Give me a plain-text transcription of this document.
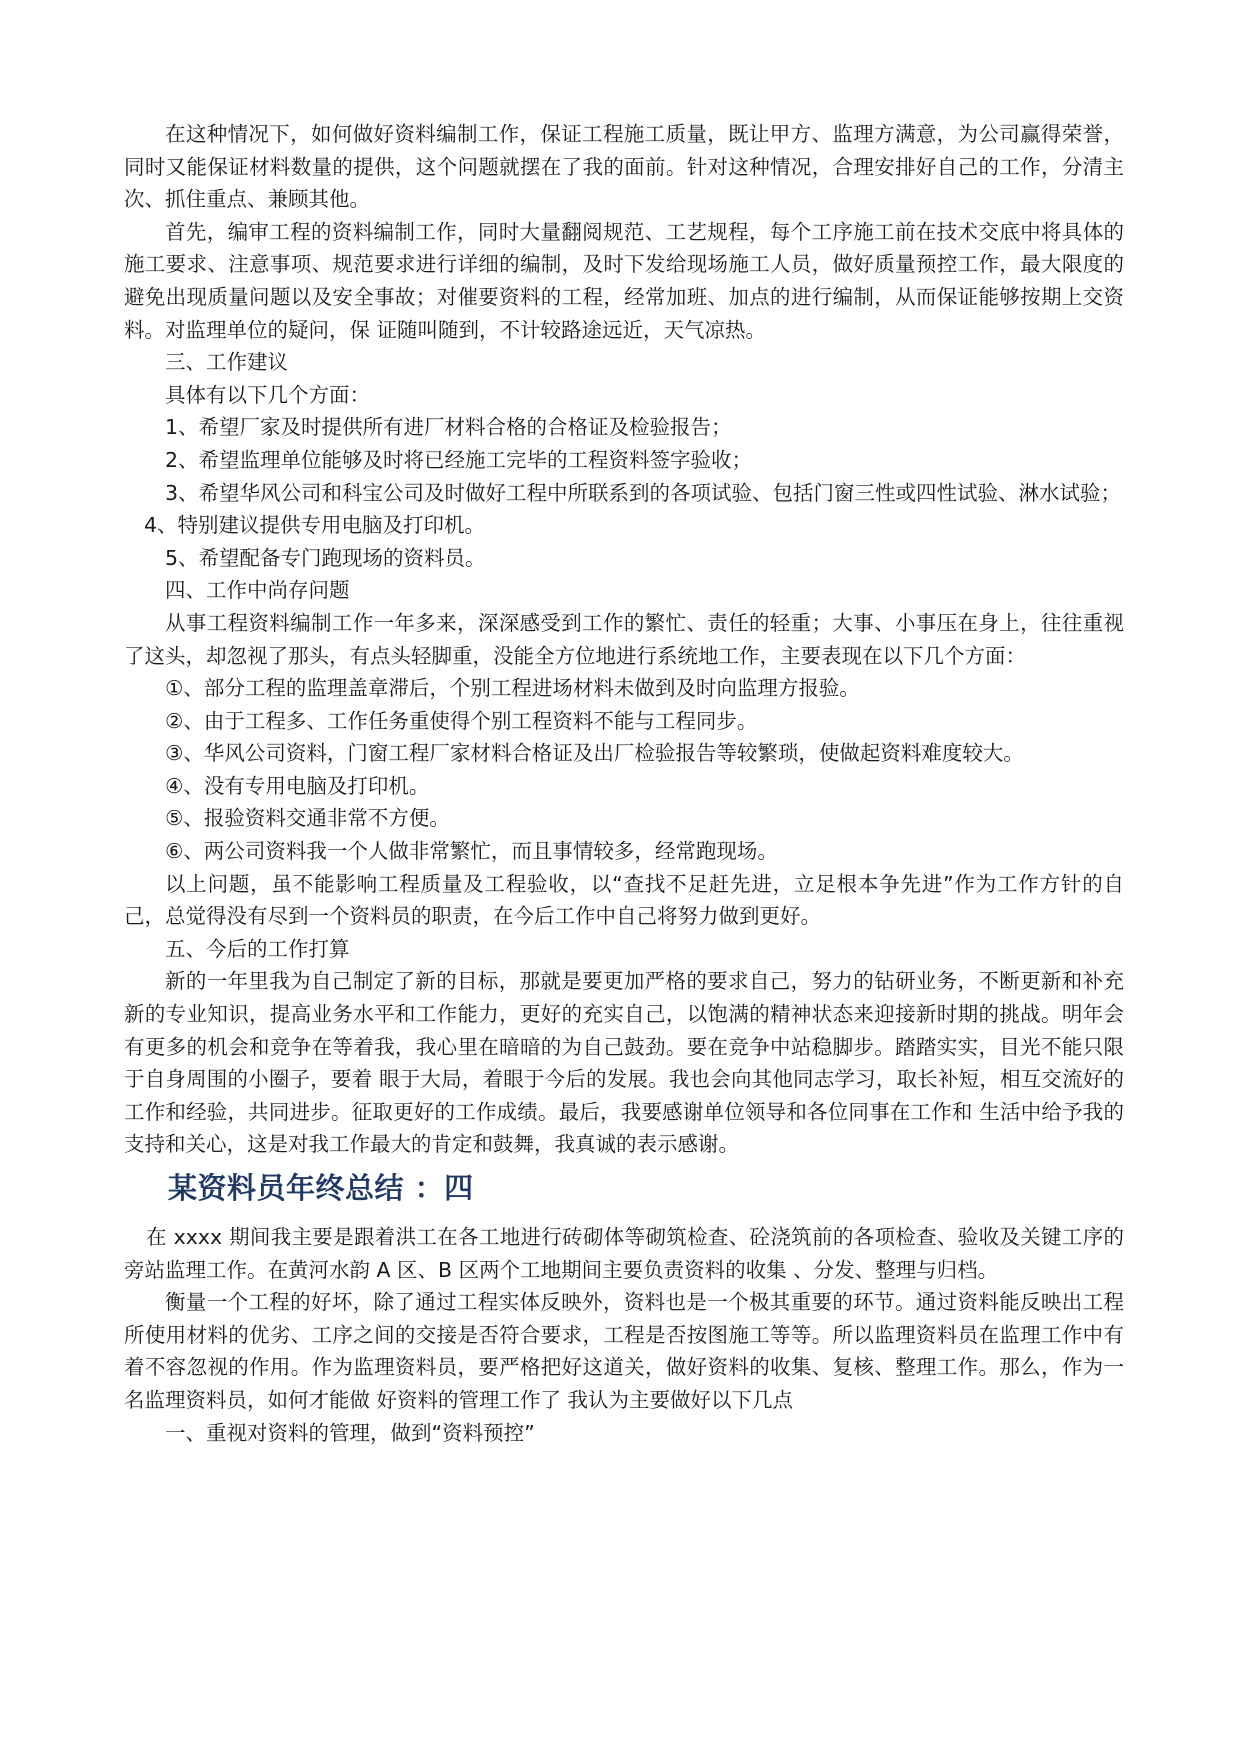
在这种情况下，如何做好资料编制工作，保证工程施工质量，既让甲方、监理方满意，为公司赢得荣誉，同时又能保证材料数量的提供，这个问题就摆在了我的面前。针对这种情况，合理安排好自己的工作，分清主次、抓住重点、兼顾其他。

首先，编审工程的资料编制工作，同时大量翻阅规范、工艺规程，每个工序施工前在技术交底中将具体的施工要求、注意事项、规范要求进行详细的编制，及时下发给现场施工人员，做好质量预控工作，最大限度的避免出现质量问题以及安全事故；对催要资料的工程，经常加班、加点的进行编制，从而保证能够按期上交资料。对监理单位的疑问，保 证随叫随到，不计较路途远近，天气凉热。

三、工作建议

具体有以下几个方面：

1、希望厂家及时提供所有进厂材料合格的合格证及检验报告；

2、希望监理单位能够及时将已经施工完毕的工程资料签字验收；

3、希望华风公司和科宝公司及时做好工程中所联系到的各项试验、包括门窗三性或四性试验、淋水试验；

4、特别建议提供专用电脑及打印机。

5、希望配备专门跑现场的资料员。

四、工作中尚存问题

从事工程资料编制工作一年多来，深深感受到工作的繁忙、责任的轻重；大事、小事压在身上，往往重视了这头，却忽视了那头，有点头轻脚重，没能全方位地进行系统地工作，主要表现在以下几个方面：

①、部分工程的监理盖章滞后，个别工程进场材料未做到及时向监理方报验。

②、由于工程多、工作任务重使得个别工程资料不能与工程同步。

③、华风公司资料，门窗工程厂家材料合格证及出厂检验报告等较繁琐，使做起资料难度较大。

④、没有专用电脑及打印机。

⑤、报验资料交通非常不方便。

⑥、两公司资料我一个人做非常繁忙，而且事情较多，经常跑现场。

以上问题，虽不能影响工程质量及工程验收，以“查找不足赶先进，立足根本争先进”作为工作方针的自己，总觉得没有尽到一个资料员的职责，在今后工作中自己将努力做到更好。

五、今后的工作打算

新的一年里我为自己制定了新的目标，那就是要更加严格的要求自己，努力的钻研业务，不断更新和补充新的专业知识，提高业务水平和工作能力，更好的充实自己，以饱满的精神状态来迎接新时期的挑战。明年会有更多的机会和竞争在等着我，我心里在暗暗的为自己鼓劲。要在竞争中站稳脚步。踏踏实实，目光不能只限于自身周围的小圈子，要着 眼于大局，着眼于今后的发展。我也会向其他同志学习，取长补短，相互交流好的工作和经验，共同进步。征取更好的工作成绩。最后，我要感谢单位领导和各位同事在工作和 生活中给予我的支持和关心，这是对我工作最大的肯定和鼓舞，我真诚的表示感谢。

某资料员年终总结 ：四

在 xxxx 期间我主要是跟着洪工在各工地进行砖砌体等砌筑检查、砼浇筑前的各项检查、验收及关键工序的旁站监理工作。在黄河水韵 A 区、B 区两个工地期间主要负责资料的收集 、分发、整理与归档。

衡量一个工程的好坏，除了通过工程实体反映外，资料也是一个极其重要的环节。通过资料能反映出工程所使用材料的优劣、工序之间的交接是否符合要求，工程是否按图施工等等。所以监理资料员在监理工作中有着不容忽视的作用。作为监理资料员，要严格把好这道关，做好资料的收集、复核、整理工作。那么，作为一名监理资料员，如何才能做 好资料的管理工作了 我认为主要做好以下几点

一、重视对资料的管理，做到“资料预控”
